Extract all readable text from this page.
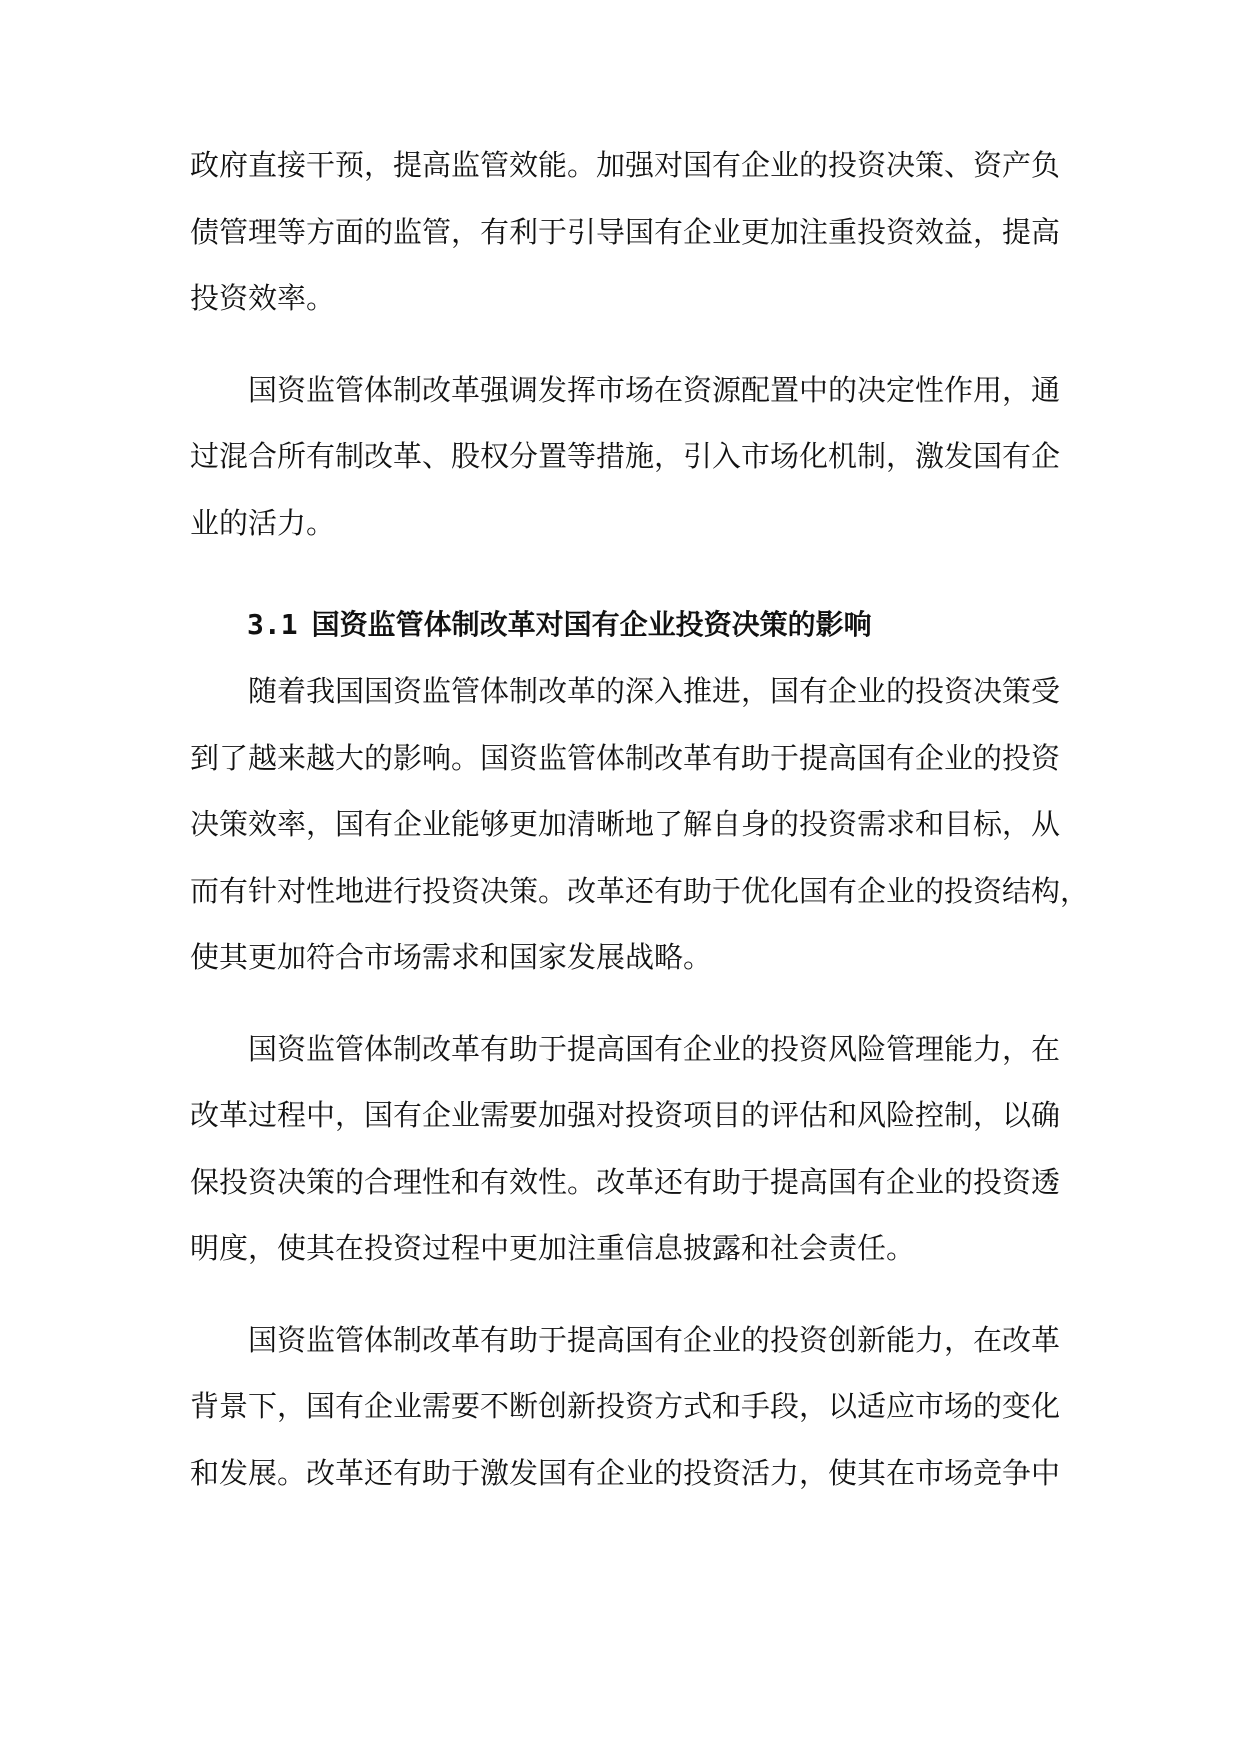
政府直接干预，提高监管效能。加强对国有企业的投资决策、资产负
债管理等方面的监管，有利于引导国有企业更加注重投资效益，提高
投资效率。

国资监管体制改革强调发挥市场在资源配置中的决定性作用，通
过混合所有制改革、股权分置等措施，引入市场化机制，激发国有企
业的活力。

3.1 国资监管体制改革对国有企业投资决策的影响

随着我国国资监管体制改革的深入推进，国有企业的投资决策受
到了越来越大的影响。国资监管体制改革有助于提高国有企业的投资
决策效率，国有企业能够更加清晰地了解自身的投资需求和目标，从
而有针对性地进行投资决策。改革还有助于优化国有企业的投资结构，
使其更加符合市场需求和国家发展战略。

国资监管体制改革有助于提高国有企业的投资风险管理能力，在
改革过程中，国有企业需要加强对投资项目的评估和风险控制，以确
保投资决策的合理性和有效性。改革还有助于提高国有企业的投资透
明度，使其在投资过程中更加注重信息披露和社会责任。

国资监管体制改革有助于提高国有企业的投资创新能力，在改革
背景下，国有企业需要不断创新投资方式和手段，以适应市场的变化
和发展。改革还有助于激发国有企业的投资活力，使其在市场竞争中
